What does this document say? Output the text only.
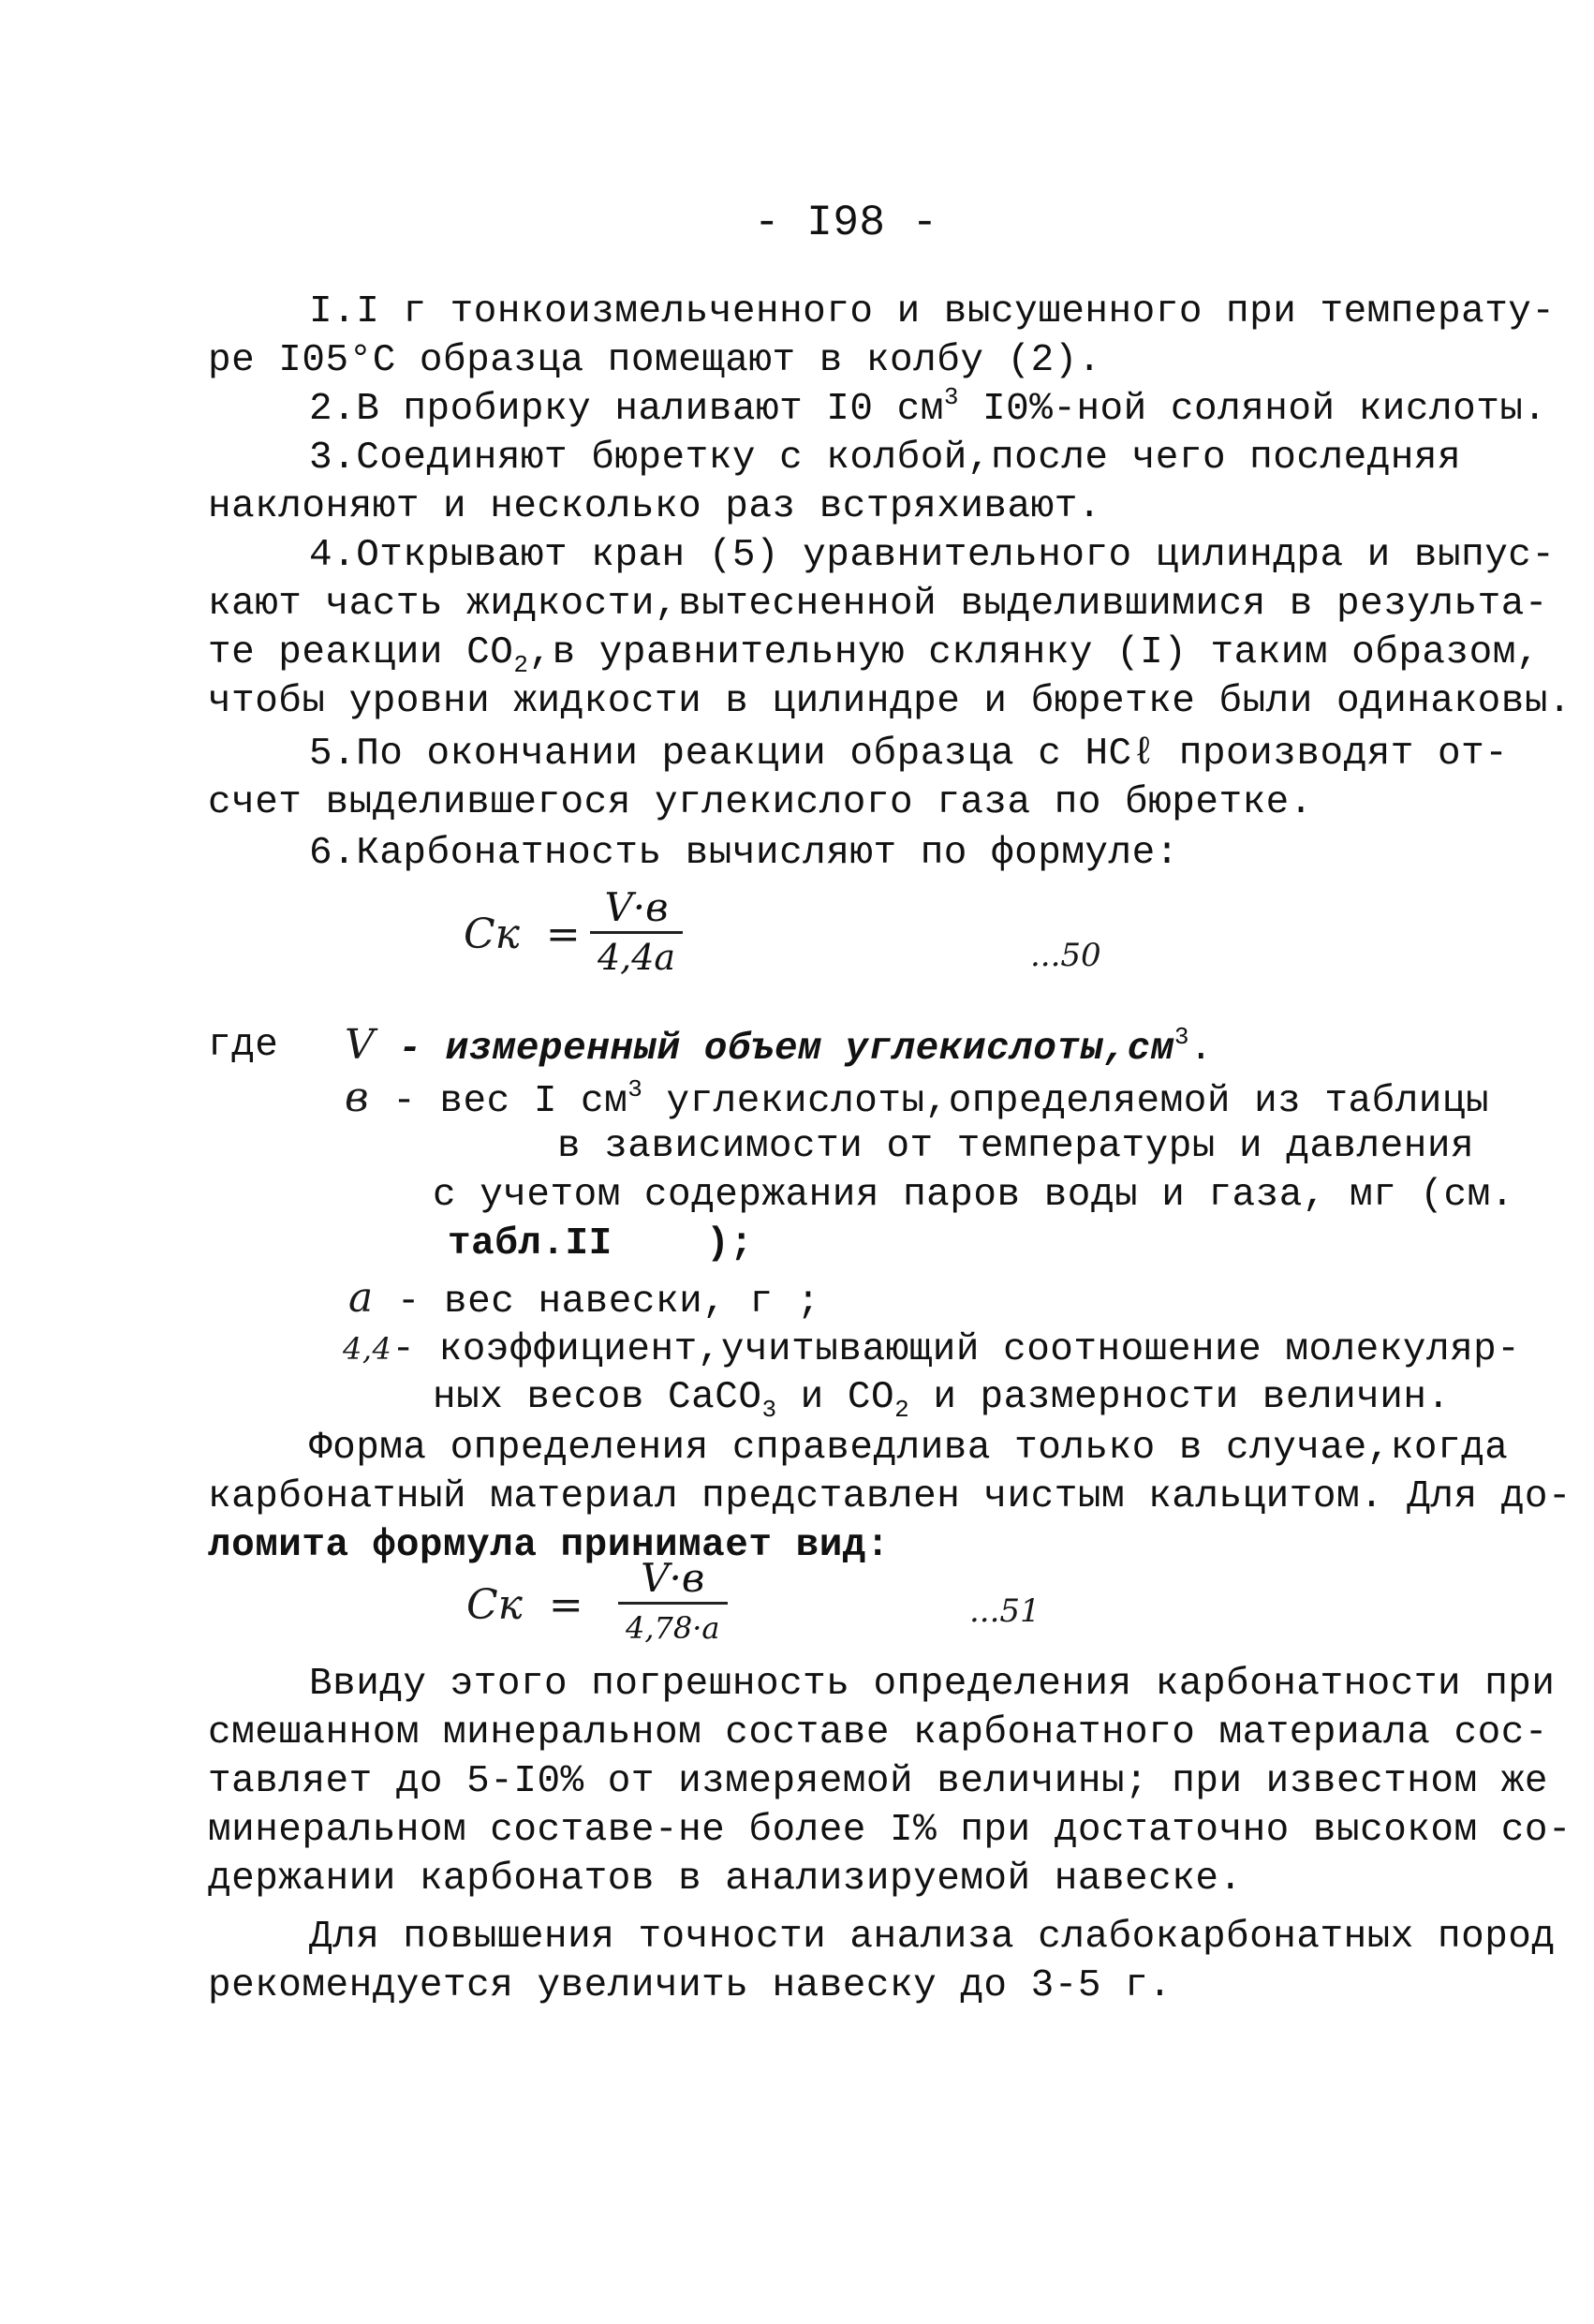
- I98 -
I.I г тонкоизмельченного и высушенного при температу-
ре I05°С образца помещают в колбу (2).
2.В пробирку наливают I0 $см^3$ I0%-ной соляной кислоты.
3.Соединяют бюретку с колбой,после чего последняя
наклоняют и несколько раз встряхивают.
4.Открывают кран (5) уравнительного цилиндра и выпус-
кают часть жидкости,вытесненной выделившимися в результа-
те реакции $СО_2,в$ уравнительную склянку (I) таким образом,
чтобы уровни жидкости в цилиндре и бюретке были одинаковы.
5.По окончании реакции образца с НСℓ производят от-
счет выделившегося углекислого газа по бюретке.
6.Карбонатность вычисляют по формуле:
Cк  =
V·в
4,4a	...50
где V - измеренный объем $углекислоты,см^3$.
в - вес I $см^3$ углекислоты,определяемой из таблицы
в зависимости от температуры и давления
с учетом содержания паров воды и газа, мг (см.
табл.II    );
a - вес навески, г ;
4,4- коэффициент,учитывающий соотношение молекуляр-
ных весов СаСО$_3$ и $СО_2$ и размерности величин.
Форма определения справедлива только в случае,когда
карбонатный материал представлен чистым кальцитом. Для до-
ломита формула принимает вид:
Cк  =
V·в
4,78·a	...51
Ввиду этого погрешность определения карбонатности при
смешанном минеральном составе карбонатного материала сос-
тавляет до 5-I0% от измеряемой величины; при известном же
минеральном составе-не более I% при достаточно высоком со-
держании карбонатов в анализируемой навеске.
Для повышения точности анализа слабокарбонатных пород
рекомендуется увеличить навеску до 3-5 г.
